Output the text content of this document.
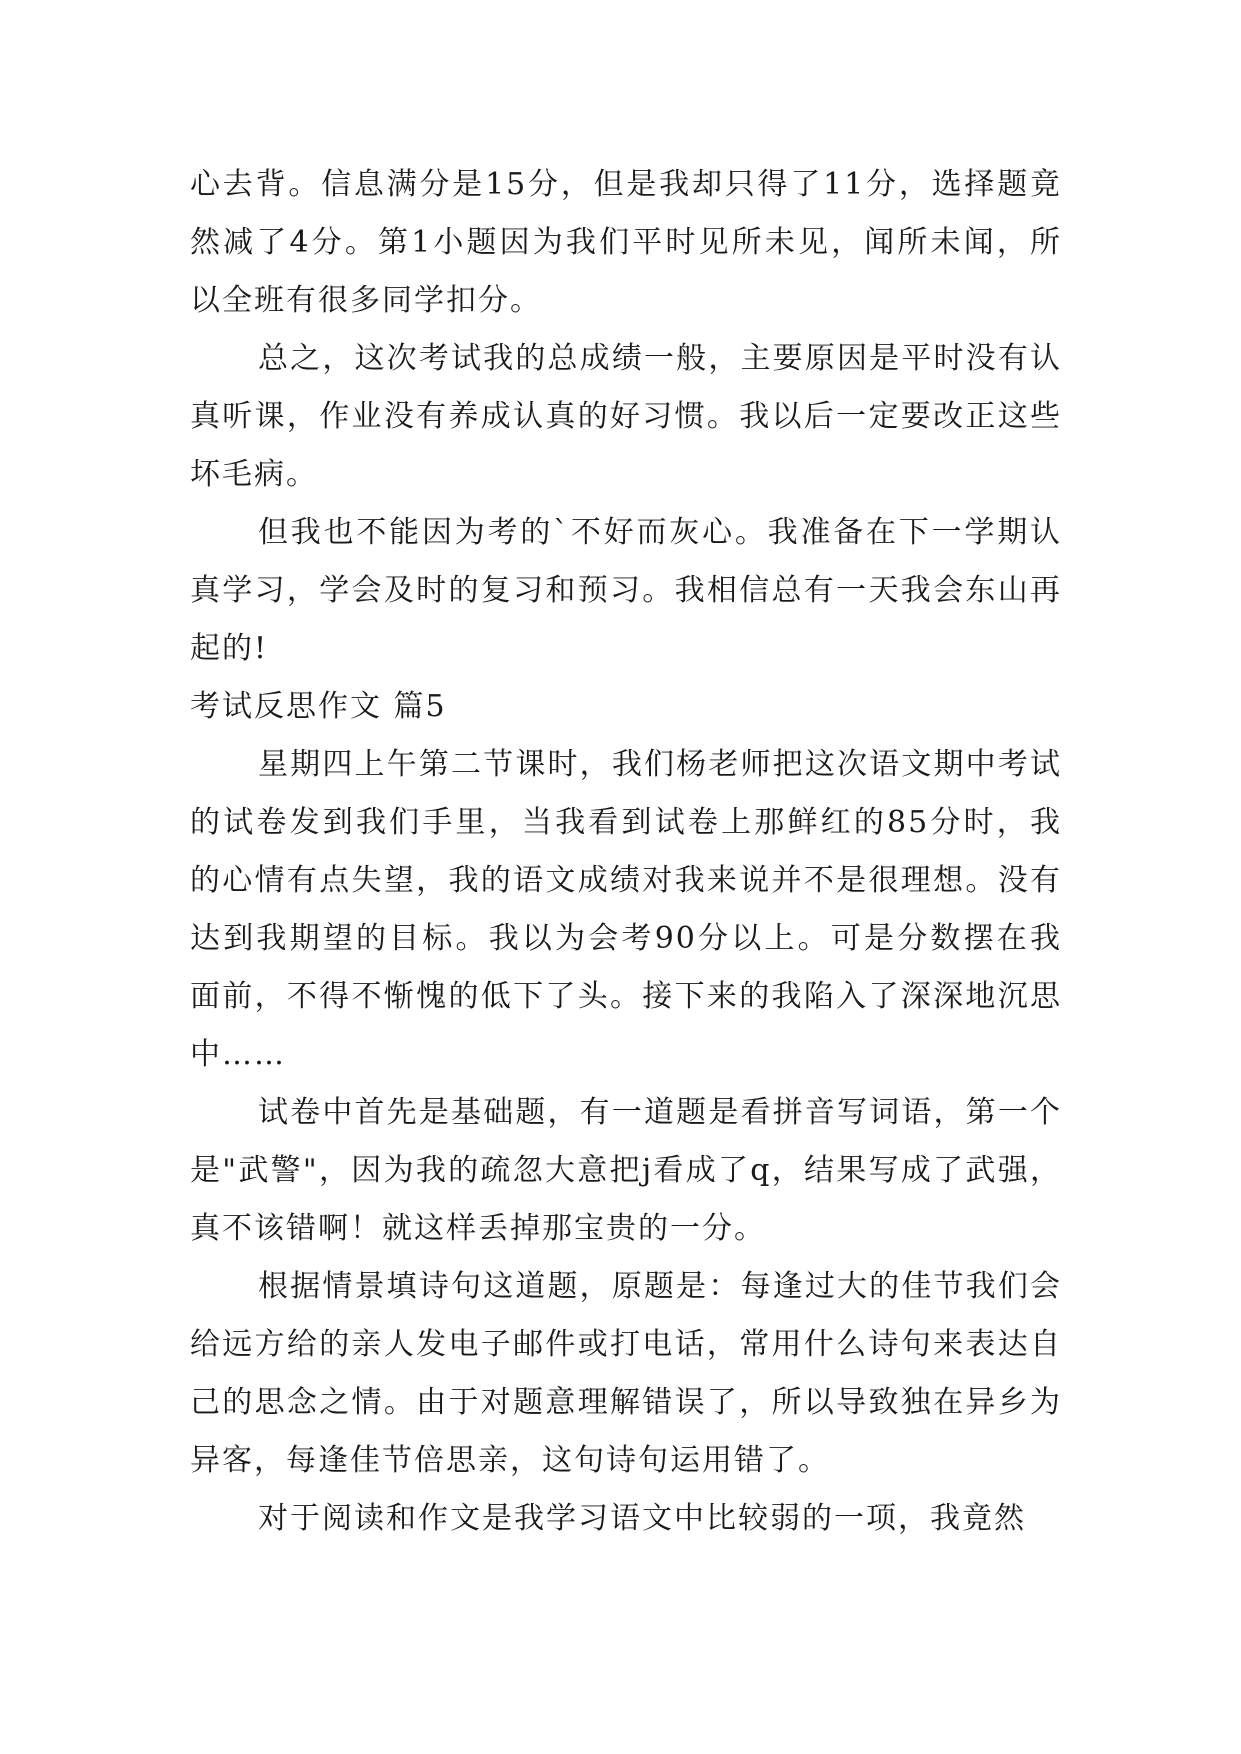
心去背。信息满分是15分，但是我却只得了11分，选择题竟然减了4分。第1小题因为我们平时见所未见，闻所未闻，所以全班有很多同学扣分。

总之，这次考试我的总成绩一般，主要原因是平时没有认真听课，作业没有养成认真的好习惯。我以后一定要改正这些坏毛病。

但我也不能因为考的`不好而灰心。我准备在下一学期认真学习，学会及时的复习和预习。我相信总有一天我会东山再起的!

考试反思作文 篇5

星期四上午第二节课时，我们杨老师把这次语文期中考试的试卷发到我们手里，当我看到试卷上那鲜红的85分时，我的心情有点失望，我的语文成绩对我来说并不是很理想。没有达到我期望的目标。我以为会考90分以上。可是分数摆在我面前，不得不惭愧的低下了头。接下来的我陷入了深深地沉思中……

试卷中首先是基础题，有一道题是看拼音写词语，第一个是"武警"，因为我的疏忽大意把j看成了q，结果写成了武强，真不该错啊！就这样丢掉那宝贵的一分。

根据情景填诗句这道题，原题是：每逢过大的佳节我们会给远方给的亲人发电子邮件或打电话，常用什么诗句来表达自己的思念之情。由于对题意理解错误了，所以导致独在异乡为异客，每逢佳节倍思亲，这句诗句运用错了。

对于阅读和作文是我学习语文中比较弱的一项，我竟然
